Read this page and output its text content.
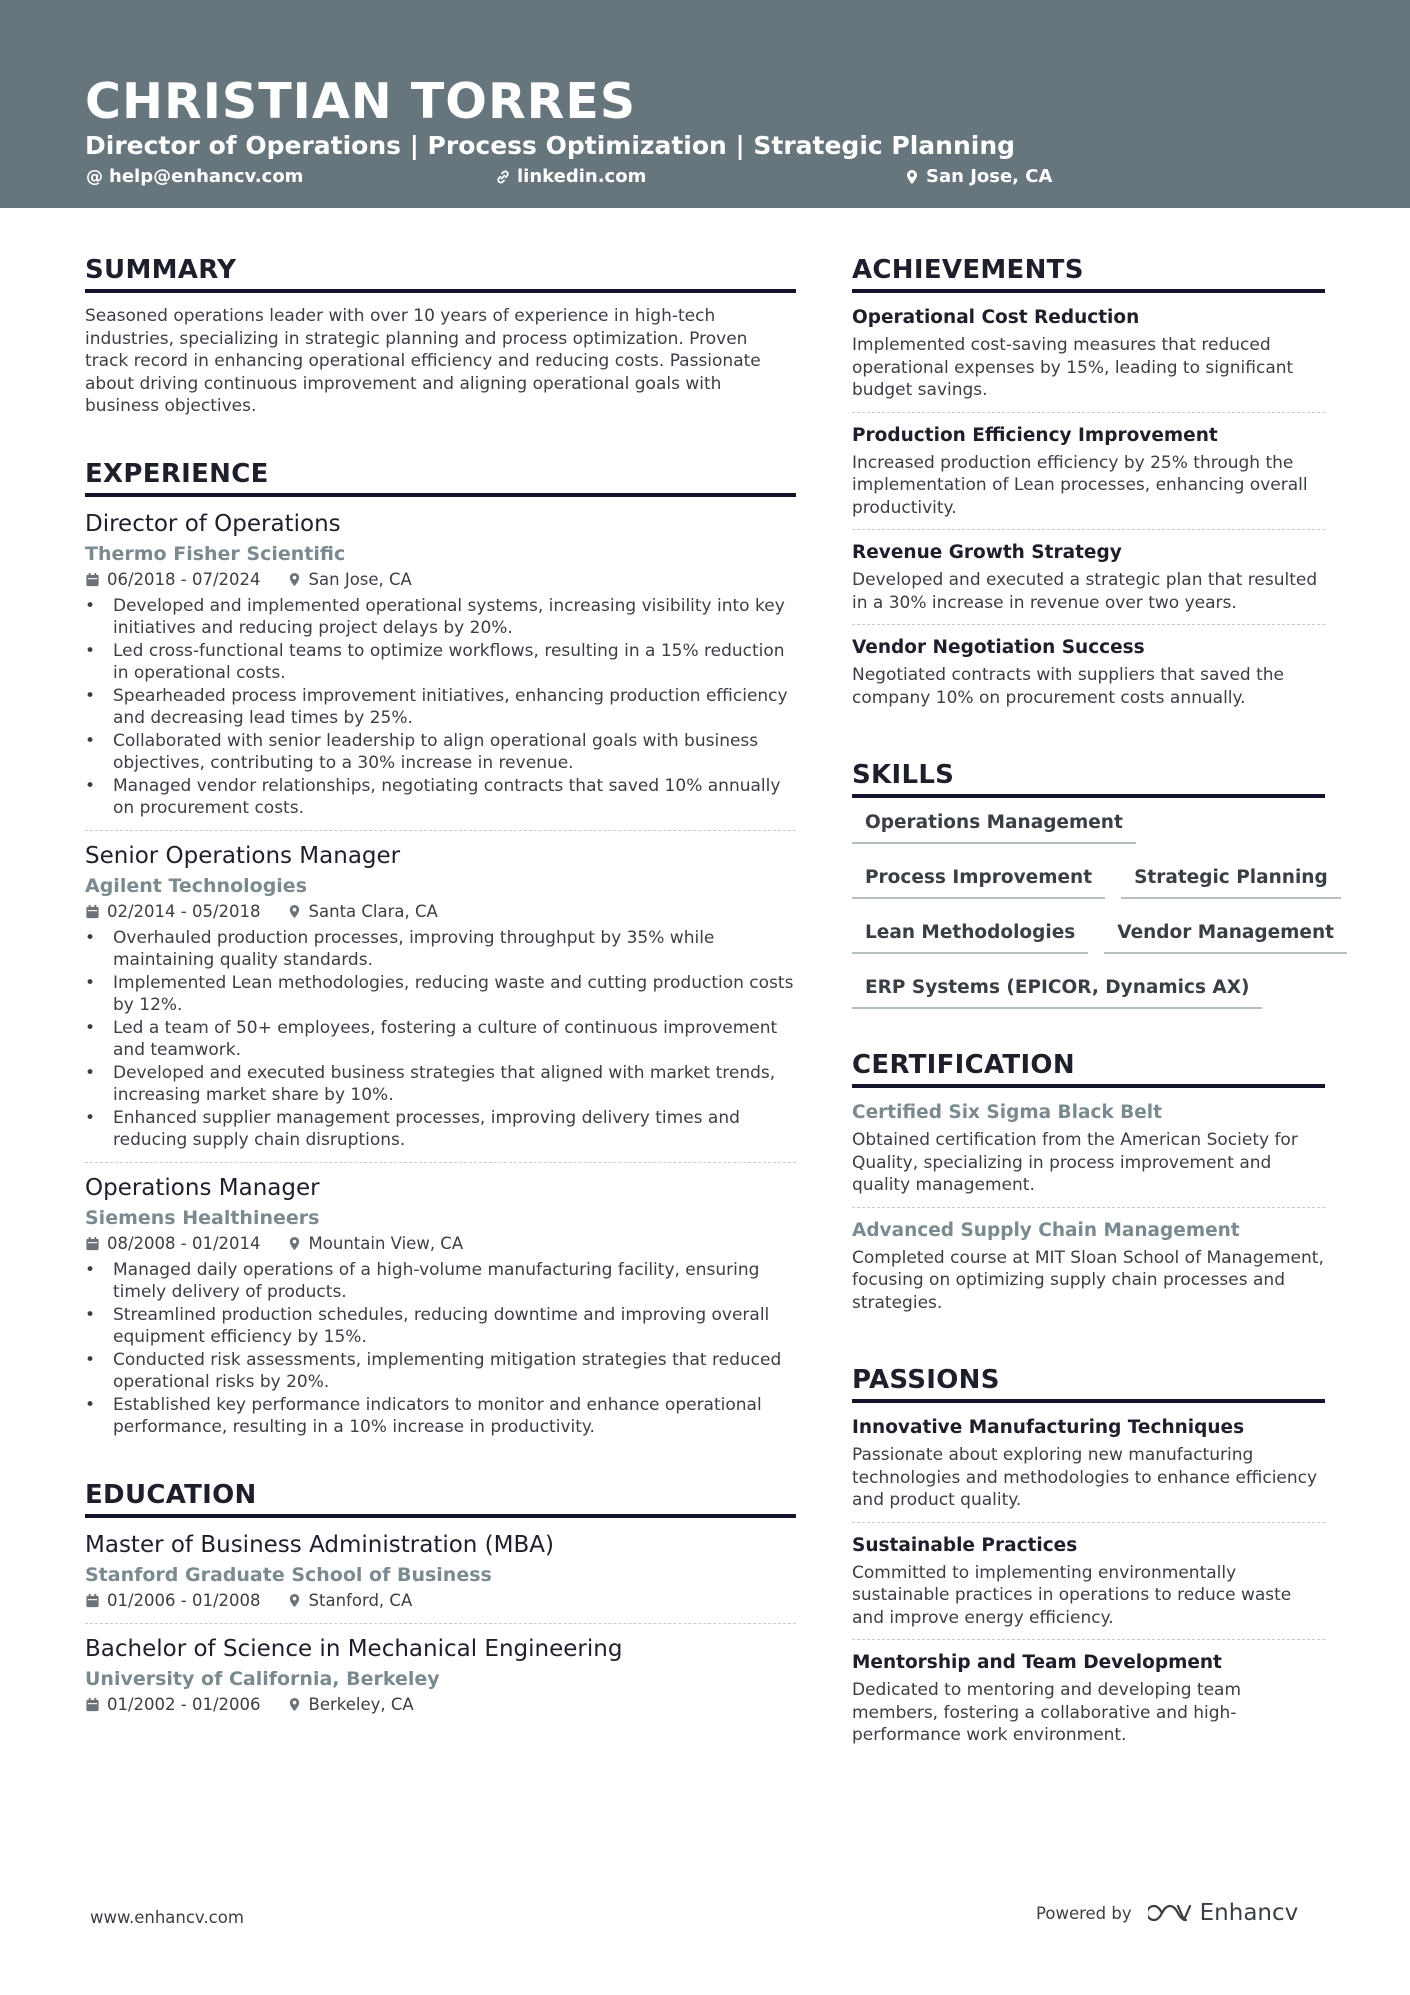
CHRISTIAN TORRES
Director of Operations | Process Optimization | Strategic Planning
@ help@enhancv.com	linkedin.com	San Jose, CA
SUMMARY
Seasoned operations leader with over 10 years of experience in high-tech industries, specializing in strategic planning and process optimization. Proven track record in enhancing operational efficiency and reducing costs. Passionate about driving continuous improvement and aligning operational goals with business objectives.
EXPERIENCE
Director of Operations
Thermo Fisher Scientific
06/2018 - 07/2024	San Jose, CA
• Developed and implemented operational systems, increasing visibility into key initiatives and reducing project delays by 20%.
• Led cross-functional teams to optimize workflows, resulting in a 15% reduction in operational costs.
• Spearheaded process improvement initiatives, enhancing production efficiency and decreasing lead times by 25%.
• Collaborated with senior leadership to align operational goals with business objectives, contributing to a 30% increase in revenue.
• Managed vendor relationships, negotiating contracts that saved 10% annually on procurement costs.
Senior Operations Manager
Agilent Technologies
02/2014 - 05/2018	Santa Clara, CA
• Overhauled production processes, improving throughput by 35% while maintaining quality standards.
• Implemented Lean methodologies, reducing waste and cutting production costs by 12%.
• Led a team of 50+ employees, fostering a culture of continuous improvement and teamwork.
• Developed and executed business strategies that aligned with market trends, increasing market share by 10%.
• Enhanced supplier management processes, improving delivery times and reducing supply chain disruptions.
Operations Manager
Siemens Healthineers
08/2008 - 01/2014	Mountain View, CA
• Managed daily operations of a high-volume manufacturing facility, ensuring timely delivery of products.
• Streamlined production schedules, reducing downtime and improving overall equipment efficiency by 15%.
• Conducted risk assessments, implementing mitigation strategies that reduced operational risks by 20%.
• Established key performance indicators to monitor and enhance operational performance, resulting in a 10% increase in productivity.
EDUCATION
Master of Business Administration (MBA)
Stanford Graduate School of Business
01/2006 - 01/2008	Stanford, CA
Bachelor of Science in Mechanical Engineering
University of California, Berkeley
01/2002 - 01/2006	Berkeley, CA
ACHIEVEMENTS
Operational Cost Reduction
Implemented cost-saving measures that reduced operational expenses by 15%, leading to significant budget savings.
Production Efficiency Improvement
Increased production efficiency by 25% through the implementation of Lean processes, enhancing overall productivity.
Revenue Growth Strategy
Developed and executed a strategic plan that resulted in a 30% increase in revenue over two years.
Vendor Negotiation Success
Negotiated contracts with suppliers that saved the company 10% on procurement costs annually.
SKILLS
Operations Management
Process Improvement	Strategic Planning
Lean Methodologies	Vendor Management
ERP Systems (EPICOR, Dynamics AX)
CERTIFICATION
Certified Six Sigma Black Belt
Obtained certification from the American Society for Quality, specializing in process improvement and quality management.
Advanced Supply Chain Management
Completed course at MIT Sloan School of Management, focusing on optimizing supply chain processes and strategies.
PASSIONS
Innovative Manufacturing Techniques
Passionate about exploring new manufacturing technologies and methodologies to enhance efficiency and product quality.
Sustainable Practices
Committed to implementing environmentally sustainable practices in operations to reduce waste and improve energy efficiency.
Mentorship and Team Development
Dedicated to mentoring and developing team members, fostering a collaborative and high-performance work environment.
www.enhancv.com	Powered by	Enhancv
